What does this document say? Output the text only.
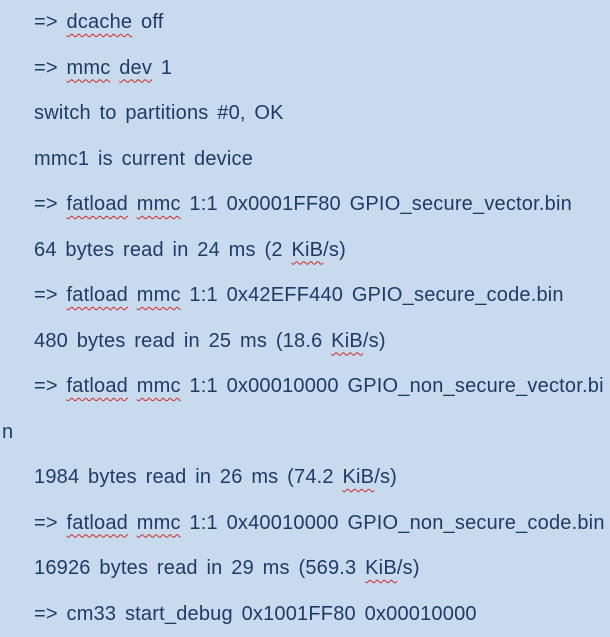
=> dcache off
=> mmc dev 1
switch to partitions #0, OK
mmc1 is current device
=> fatload mmc 1:1 0x0001FF80 GPIO_secure_vector.bin
64 bytes read in 24 ms (2 KiB/s)
=> fatload mmc 1:1 0x42EFF440 GPIO_secure_code.bin
480 bytes read in 25 ms (18.6 KiB/s)
=> fatload mmc 1:1 0x00010000 GPIO_non_secure_vector.bi
n
1984 bytes read in 26 ms (74.2 KiB/s)
=> fatload mmc 1:1 0x40010000 GPIO_non_secure_code.bin
16926 bytes read in 29 ms (569.3 KiB/s)
=> cm33 start_debug 0x1001FF80 0x00010000
